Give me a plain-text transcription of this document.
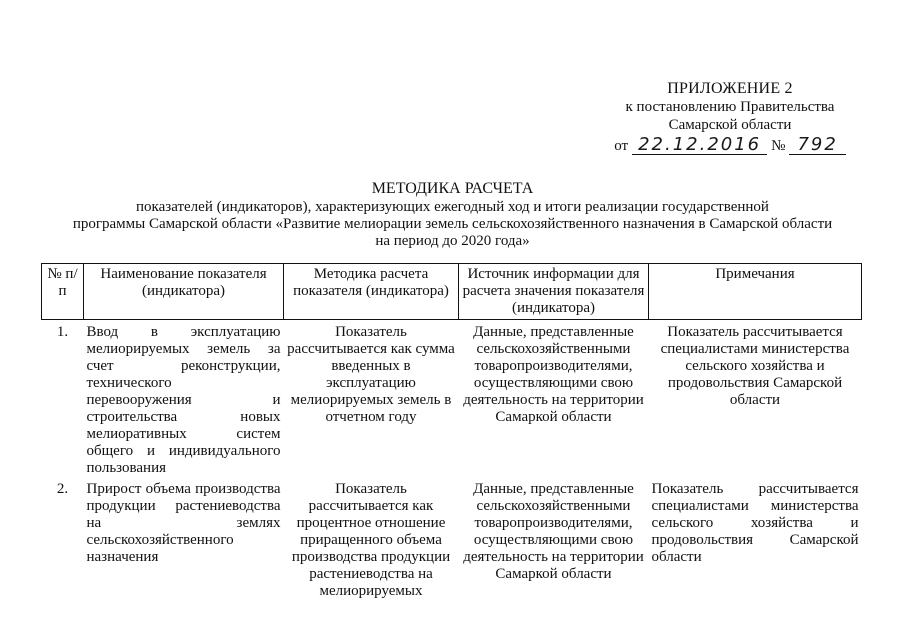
ПРИЛОЖЕНИЕ 2
к постановлению Правительства
Самарской области
от 22.12.2016 № 792
МЕТОДИКА РАСЧЕТА
показателей (индикаторов), характеризующих ежегодный ход и итоги реализации государственной
программы Самарской области «Развитие мелиорации земель сельскохозяйственного назначения в Самарской области
на период до 2020 года»
№ п/п	Наименование показателя (индикатора)	Методика расчета показателя (индикатора)	Источник информации для расчета значения показателя (индикатора)	Примечания
1.	Ввод в эксплуатацию мелиорируемых земель за счет реконструкции, технического перевооружения и строительства новых мелиоративных систем общего и индивидуального пользования	Показатель рассчитывается как сумма введенных в эксплуатацию мелиорируемых земель в отчетном году	Данные, представленные сельскохозяйственными товаропроизводителями, осуществляющими свою деятельность на территории Самаркой области	Показатель рассчитывается специалистами министерства сельского хозяйства и продовольствия Самарской области
2.	Прирост объема производства продукции растениеводства на землях сельскохозяйственного назначения	Показатель рассчитывается как процентное отношение приращенного объема производства продукции растениеводства на мелиорируемых	Данные, представленные сельскохозяйственными товаропроизводителями, осуществляющими свою деятельность на территории Самаркой области	Показатель рассчитывается специалистами министерства сельского хозяйства и продовольствия Самарской области
